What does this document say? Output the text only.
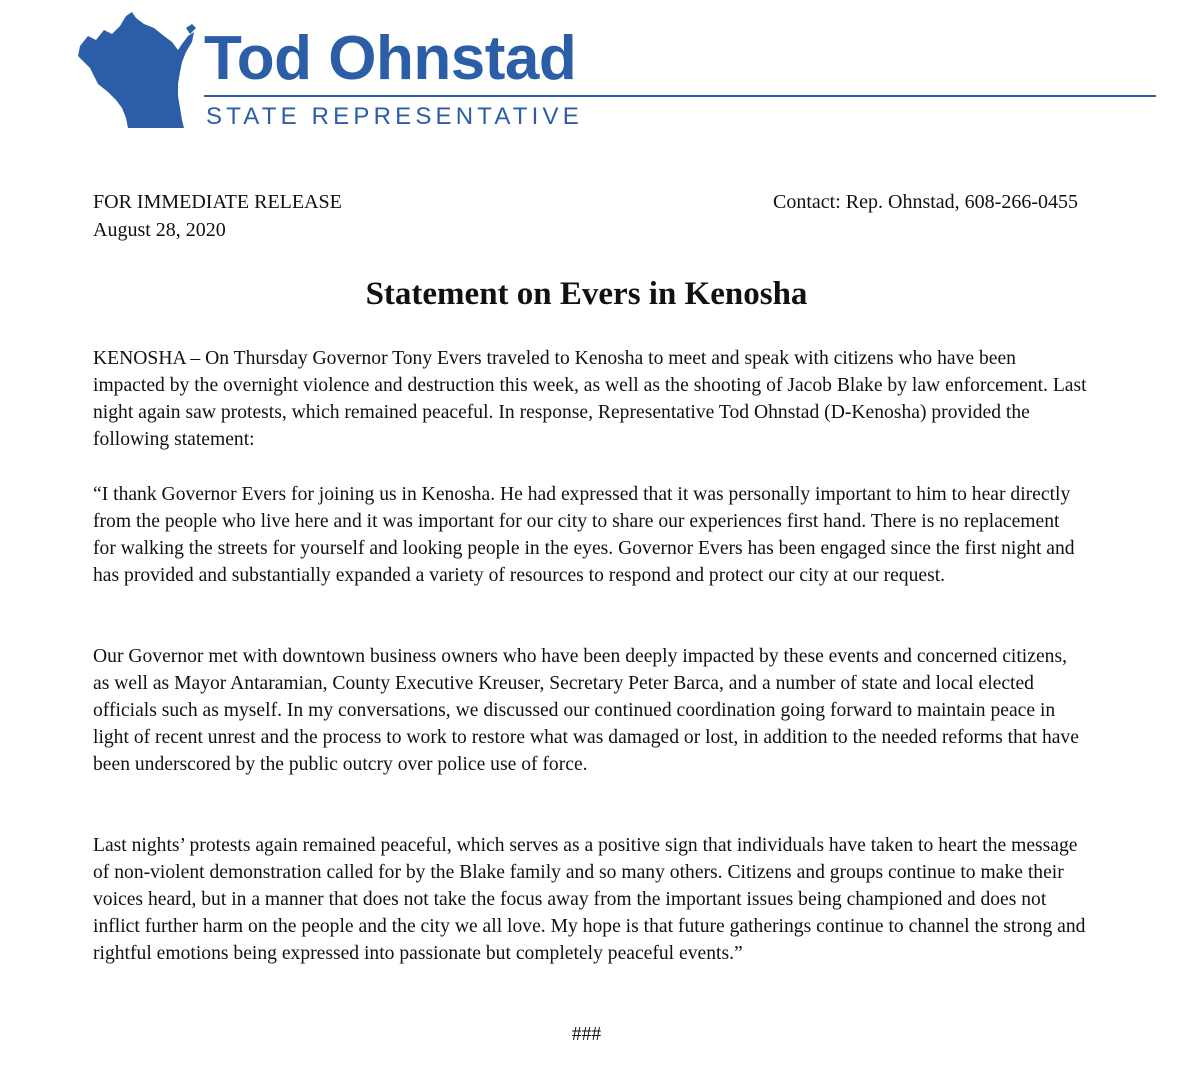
Tod Ohnstad
STATE REPRESENTATIVE
FOR IMMEDIATE RELEASE
August 28, 2020
Contact: Rep. Ohnstad, 608-266-0455
Statement on Evers in Kenosha

KENOSHA – On Thursday Governor Tony Evers traveled to Kenosha to meet and speak with citizens who have been impacted by the overnight violence and destruction this week, as well as the shooting of Jacob Blake by law enforcement. Last night again saw protests, which remained peaceful. In response, Representative Tod Ohnstad (D-Kenosha) provided the following statement:

“I thank Governor Evers for joining us in Kenosha. He had expressed that it was personally important to him to hear directly from the people who live here and it was important for our city to share our experiences first hand. There is no replacement for walking the streets for yourself and looking people in the eyes. Governor Evers has been engaged since the first night and has provided and substantially expanded a variety of resources to respond and protect our city at our request.

Our Governor met with downtown business owners who have been deeply impacted by these events and concerned citizens, as well as Mayor Antaramian, County Executive Kreuser, Secretary Peter Barca, and a number of state and local elected officials such as myself. In my conversations, we discussed our continued coordination going forward to maintain peace in light of recent unrest and the process to work to restore what was damaged or lost, in addition to the needed reforms that have been underscored by the public outcry over police use of force.

Last nights’ protests again remained peaceful, which serves as a positive sign that individuals have taken to heart the message of non-violent demonstration called for by the Blake family and so many others. Citizens and groups continue to make their voices heard, but in a manner that does not take the focus away from the important issues being championed and does not inflict further harm on the people and the city we all love. My hope is that future gatherings continue to channel the strong and rightful emotions being expressed into passionate but completely peaceful events.”

###
